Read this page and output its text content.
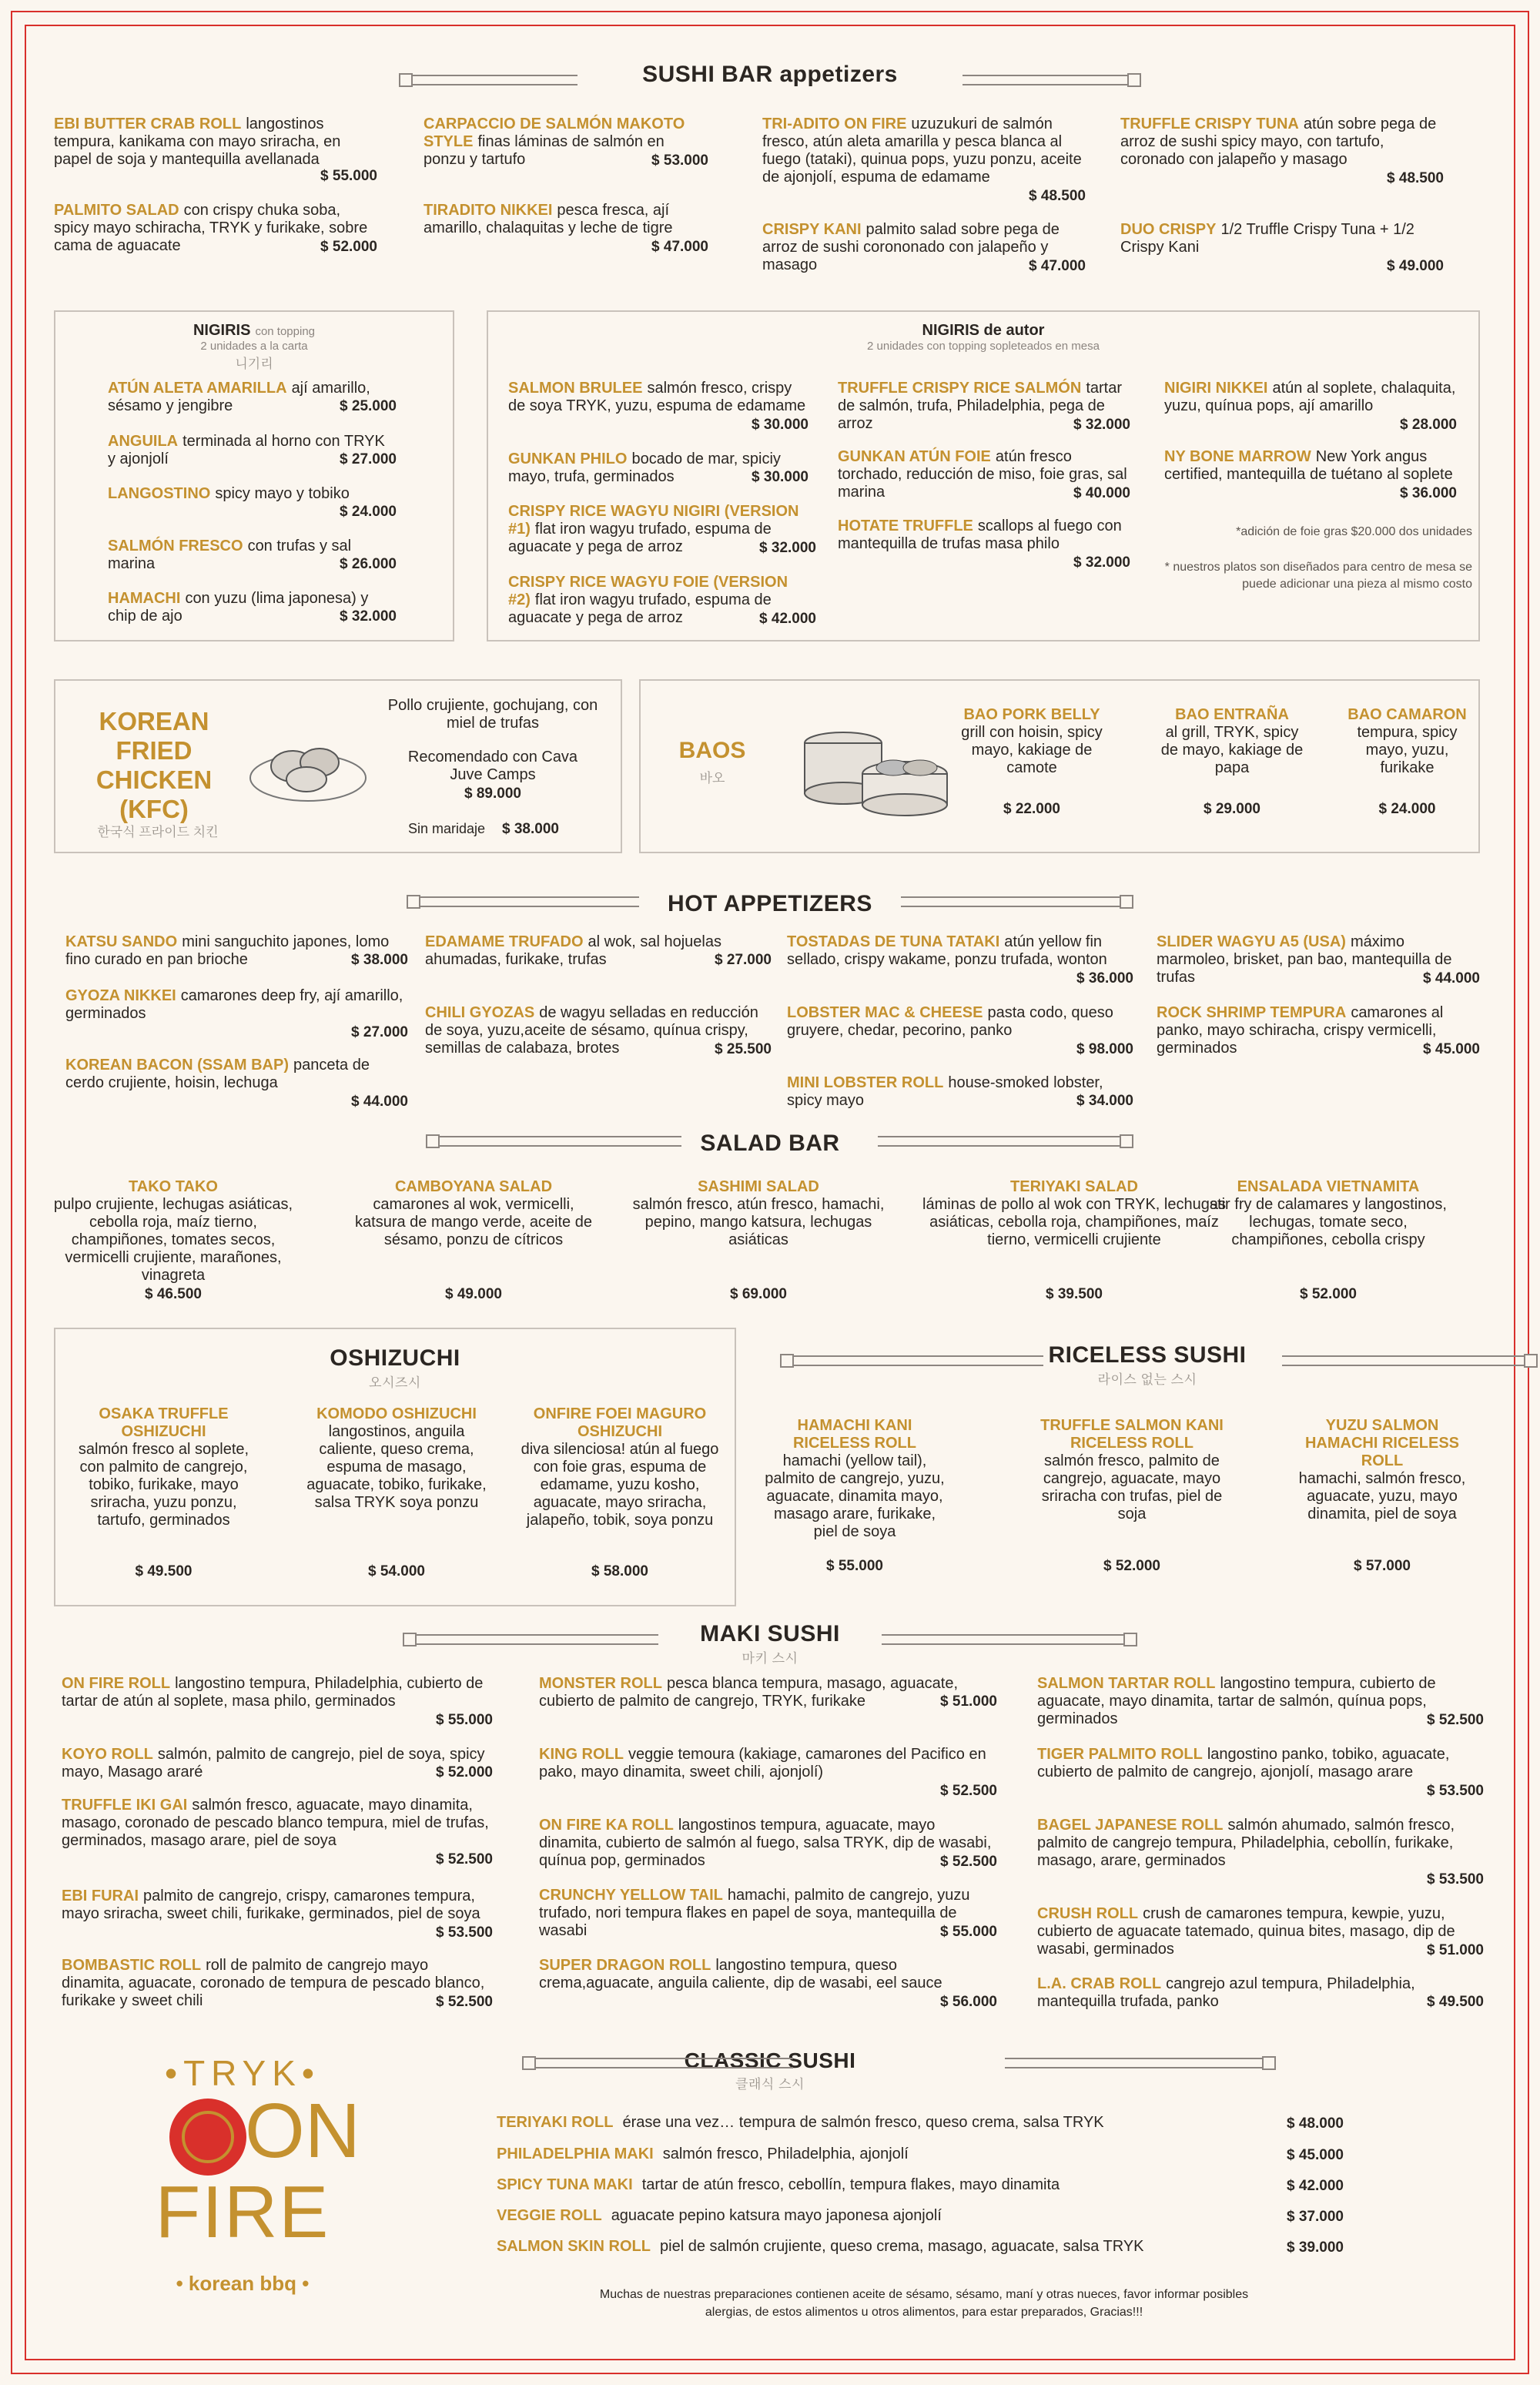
SUSHI BAR appetizers
EBI BUTTER CRAB ROLL langostinos tempura, kanikama con mayo sriracha, en papel de soja y mantequilla avellanada
$ 55.000
PALMITO SALAD con crispy chuka soba, spicy mayo schiracha, TRYK y furikake, sobre cama de aguacate	$ 52.000
CARPACCIO DE SALMÓN MAKOTO STYLE finas láminas de salmón en ponzu y tartufo	$ 53.000
TIRADITO NIKKEI pesca fresca, ají amarillo, chalaquitas y leche de tigre
$ 47.000
TRI-ADITO ON FIRE uzuzukuri de salmón fresco, atún aleta amarilla y pesca blanca al fuego (tataki), quinua pops, yuzu ponzu, aceite de ajonjolí, espuma de edamame
$ 48.500
CRISPY KANI palmito salad sobre pega de arroz de sushi corononado con jalapeño y masago	$ 47.000
TRUFFLE CRISPY TUNA atún sobre pega de arroz de sushi spicy mayo, con tartufo, coronado con jalapeño y masago
$ 48.500
DUO CRISPY 1/2 Truffle Crispy Tuna + 1/2 Crispy Kani
$ 49.000
NIGIRIS con topping
2 unidades a la carta
니기리
ATÚN ALETA AMARILLA ají amarillo, sésamo y jengibre	$ 25.000
ANGUILA terminada al horno con TRYK y ajonjolí	$ 27.000
LANGOSTINO spicy mayo y tobiko
$ 24.000
SALMÓN FRESCO con trufas y sal marina	$ 26.000
HAMACHI con yuzu (lima japonesa) y chip de ajo	$ 32.000
NIGIRIS de autor
2 unidades con topping sopleteados en mesa
SALMON BRULEE salmón fresco, crispy de soya TRYK, yuzu, espuma de edamame
$ 30.000
GUNKAN PHILO bocado de mar, spiciy mayo, trufa, germinados	$ 30.000
CRISPY RICE WAGYU NIGIRI (VERSION #1) flat iron wagyu trufado, espuma de aguacate y pega de arroz	$ 32.000
CRISPY RICE WAGYU FOIE (VERSION #2) flat iron wagyu trufado, espuma de aguacate y pega de arroz	$ 42.000
TRUFFLE CRISPY RICE SALMÓN tartar de salmón, trufa, Philadelphia, pega de arroz	$ 32.000
GUNKAN ATÚN FOIE atún fresco torchado, reducción de miso, foie gras, sal marina	$ 40.000
HOTATE TRUFFLE scallops al fuego con mantequilla de trufas masa philo
$ 32.000
NIGIRI NIKKEI atún al soplete, chalaquita, yuzu, quínua pops, ají amarillo
$ 28.000
NY BONE MARROW New York angus certified, mantequilla de tuétano al soplete
$ 36.000
*adición de foie gras $20.000 dos unidades
* nuestros platos son diseñados para centro de mesa se puede adicionar una pieza al mismo costo
KOREAN FRIED CHICKEN (KFC)
한국식 프라이드 치킨
Pollo crujiente, gochujang, con miel de trufas
Recomendado con Cava Juve Camps
$ 89.000
Sin maridaje $ 38.000
BAOS
바오
BAO PORK BELLY
grill con hoisin, spicy mayo, kakiage de camote
$ 22.000
BAO ENTRAÑA
al grill, TRYK, spicy de mayo, kakiage de papa
$ 29.000
BAO CAMARON
tempura, spicy mayo, yuzu, furikake
$ 24.000
HOT APPETIZERS
KATSU SANDO mini sanguchito japones, lomo fino curado en pan brioche	$ 38.000
GYOZA NIKKEI camarones deep fry, ají amarillo, germinados
$ 27.000
KOREAN BACON (SSAM BAP) panceta de cerdo crujiente, hoisin, lechuga
$ 44.000
EDAMAME TRUFADO al wok, sal hojuelas ahumadas, furikake, trufas	$ 27.000
CHILI GYOZAS de wagyu selladas en reducción de soya, yuzu,aceite de sésamo, quínua crispy, semillas de calabaza, brotes	$ 25.500
TOSTADAS DE TUNA TATAKI atún yellow fin sellado, crispy wakame, ponzu trufada, wonton
$ 36.000
LOBSTER MAC & CHEESE pasta codo, queso gruyere, chedar, pecorino, panko
$ 98.000
MINI LOBSTER ROLL house-smoked lobster, spicy mayo	$ 34.000
SLIDER WAGYU A5 (USA) máximo marmoleo, brisket, pan bao, mantequilla de trufas	$ 44.000
ROCK SHRIMP TEMPURA camarones al panko, mayo schiracha, crispy vermicelli, germinados	$ 45.000
SALAD BAR
TAKO TAKO
pulpo crujiente, lechugas asiáticas, cebolla roja, maíz tierno, champiñones, tomates secos, vermicelli crujiente, marañones, vinagreta
$ 46.500
CAMBOYANA SALAD
camarones al wok, vermicelli, katsura de mango verde, aceite de sésamo, ponzu de cítricos
$ 49.000
SASHIMI SALAD
salmón fresco, atún fresco, hamachi, pepino, mango katsura, lechugas asiáticas
$ 69.000
TERIYAKI SALAD
láminas de pollo al wok con TRYK, lechugas asiáticas, cebolla roja, champiñones, maíz tierno, vermicelli crujiente
$ 39.500
ENSALADA VIETNAMITA
stir fry de calamares y langostinos, lechugas, tomate seco, champiñones, cebolla crispy
$ 52.000
OSHIZUCHI
오시즈시
OSAKA TRUFFLE OSHIZUCHI
salmón fresco al soplete, con palmito de cangrejo, tobiko, furikake, mayo sriracha, yuzu ponzu, tartufo, germinados
$ 49.500
KOMODO OSHIZUCHI
langostinos, anguila caliente, queso crema, espuma de masago, aguacate, tobiko, furikake, salsa TRYK soya ponzu
$ 54.000
ONFIRE FOEI MAGURO OSHIZUCHI
diva silenciosa! atún al fuego con foie gras, espuma de edamame, yuzu kosho, aguacate, mayo sriracha, jalapeño, tobik, soya ponzu
$ 58.000
RICELESS SUSHI
라이스 없는 스시
HAMACHI KANI RICELESS ROLL
hamachi (yellow tail), palmito de cangrejo, yuzu, aguacate, dinamita mayo, masago arare, furikake, piel de soya
$ 55.000
TRUFFLE SALMON KANI RICELESS ROLL
salmón fresco, palmito de cangrejo, aguacate, mayo sriracha con trufas, piel de soja
$ 52.000
YUZU SALMON HAMACHI RICELESS ROLL
hamachi, salmón fresco, aguacate, yuzu, mayo dinamita, piel de soya
$ 57.000
MAKI SUSHI
마키 스시
ON FIRE ROLL langostino tempura, Philadelphia, cubierto de tartar de atún al soplete, masa philo, germinados
$ 55.000
KOYO ROLL salmón, palmito de cangrejo, piel de soya, spicy mayo, Masago araré	$ 52.000
TRUFFLE IKI GAI salmón fresco, aguacate, mayo dinamita, masago, coronado de pescado blanco tempura, miel de trufas, germinados, masago arare, piel de soya
$ 52.500
EBI FURAI palmito de cangrejo, crispy, camarones tempura, mayo sriracha, sweet chili, furikake, germinados, piel de soya
$ 53.500
BOMBASTIC ROLL roll de palmito de cangrejo mayo dinamita, aguacate, coronado de tempura de pescado blanco, furikake y sweet chili	$ 52.500
MONSTER ROLL pesca blanca tempura, masago, aguacate, cubierto de palmito de cangrejo, TRYK, furikake	$ 51.000
KING ROLL veggie temoura (kakiage, camarones del Pacifico en pako, mayo dinamita, sweet chili, ajonjolí)
$ 52.500
ON FIRE KA ROLL langostinos tempura, aguacate, mayo dinamita, cubierto de salmón al fuego, salsa TRYK, dip de wasabi, quínua pop, germinados	$ 52.500
CRUNCHY YELLOW TAIL hamachi, palmito de cangrejo, yuzu trufado, nori tempura flakes en papel de soya, mantequilla de wasabi	$ 55.000
SUPER DRAGON ROLL langostino tempura, queso crema,aguacate, anguila caliente, dip de wasabi, eel sauce
$ 56.000
SALMON TARTAR ROLL langostino tempura, cubierto de aguacate, mayo dinamita, tartar de salmón, quínua pops, germinados	$ 52.500
TIGER PALMITO ROLL langostino panko, tobiko, aguacate, cubierto de palmito de cangrejo, ajonjolí, masago arare
$ 53.500
BAGEL JAPANESE ROLL salmón ahumado, salmón fresco, palmito de cangrejo tempura, Philadelphia, cebollín, furikake, masago, arare, germinados
$ 53.500
CRUSH ROLL crush de camarones tempura, kewpie, yuzu, cubierto de aguacate tatemado, quinua bites, masago, dip de wasabi, germinados	$ 51.000
L.A. CRAB ROLL cangrejo azul tempura, Philadelphia, mantequilla trufada, panko	$ 49.500
CLASSIC SUSHI
클래식 스시
TERIYAKI ROLL érase una vez… tempura de salmón fresco, queso crema, salsa TRYK	$ 48.000
PHILADELPHIA MAKI salmón fresco, Philadelphia, ajonjolí	$ 45.000
SPICY TUNA MAKI tartar de atún fresco, cebollín, tempura flakes, mayo dinamita	$ 42.000
VEGGIE ROLL aguacate pepino katsura mayo japonesa ajonjolí	$ 37.000
SALMON SKIN ROLL piel de salmón crujiente, queso crema, masago, aguacate, salsa TRYK	$ 39.000
Muchas de nuestras preparaciones contienen aceite de sésamo, sésamo, maní y otras nueces, favor informar posibles alergias, de estos alimentos u otros alimentos, para estar preparados, Gracias!!!
•TRYK•
ON
FIRE
• korean bbq •
